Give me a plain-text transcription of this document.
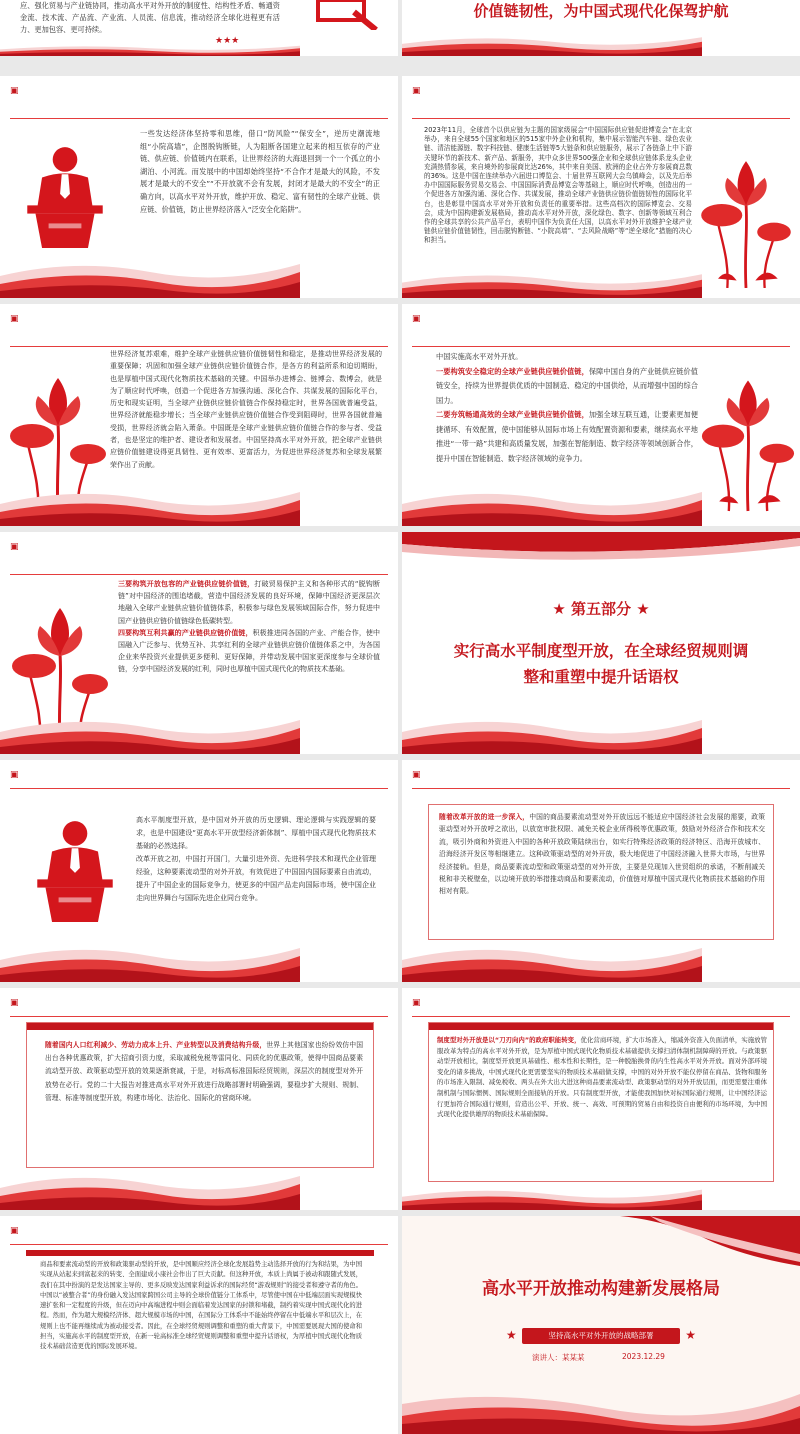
应、强化贸易与产业链协同，推动高水平对外开放的制度性、结构性矛盾、畅通资金流、技术流、产品流、产业流、人员流、信息流，推动经济全球化进程更有活力、更加包容、更可持续。
★★★
价值链韧性，为中国式现代化保驾护航
▣
一些发达经济体坚持零和思维，借口“防风险”“保安全”，逆历史潮流地组“小院高墙”，企图脱钩断链，人为阻断各国建立起来的相互依存的产业链、供应链、价值链内在联系，让世界经济的大海退回到一个一个孤立的小湖泊、小河流。而发展中的中国却始终坚持“不合作才是最大的风险，不发展才是最大的不安全”“不开放就不会有发展，封闭才是最大的不安全”的正确方向，以高水平对外开放，维护开放、稳定、富有韧性的全球产业链、供应链、价值链，防止世界经济落入“泛安全化陷阱”。
▣
2023年11月，全球首个以供应链为主题的国家级展会“中国国际供应链促进博览会”在北京举办，来自全球55个国家和地区的515家中外企业和机构，集中展示智能汽车链、绿色农业链、清洁能源链、数字科技链、健康生活链等5大链条和供应链服务，展示了各链条上中下游关键环节的新技术、新产品、新服务，其中众多世界500强企业和全球供应链体系龙头企业充满热情参展，来自境外的参展商比达26%，其中来自美国、欧洲的企业占外方参展商总数的36%。这是中国在连续举办六届进口博览会、十届世界互联网大会乌镇峰会，以及先后举办中国国际服务贸易交易会、中国国际消费品博览会等基础上，顺应时代呼唤，创造出的一个促进各方加强沟通、深化合作、共谋发展，推动全球产业链供应链价值链韧性的国际化平台，也是彰显中国高水平对外开放和负责任的重要举措。这些高档次的国际博览会、交易会，成为中国构建新发展格局，推动高水平对外开放，深化绿色、数字、创新等领域互利合作的全球共享的公共产品平台，表明中国作为负责任大国，以高水平对外开放维护全球产业链供应链价值链韧性，回击脱钩断链、“小院高墙”、“去风险战略”等“逆全球化”措施的决心和担当。
▣
世界经济复苏艰难，维护全球产业链供应链价值链韧性和稳定，是推动世界经济发展的重要保障；巩固和加强全球产业链供应链价值链合作，是各方的利益所系和迫切期盼，也是厚植中国式现代化物质技术基础的关键。中国举办进博会、链博会、数博会，就是为了顺应时代呼唤，创造一个促进各方加强沟通、深化合作、共谋发展的国际化平台，历史和现实证明，当全球产业链供应链价值链合作保持稳定时，世界各国就普遍受益，世界经济就能稳步增长；当全球产业链供应链价值链合作受到阻碍时，世界各国就普遍受损，世界经济就会陷入萧条。中国既是全球产业链供应链价值链合作的参与者、受益者，也是坚定的维护者、建设者和发展者。中国坚持高水平对外开放，把全球产业链供应链价值链建设得更具韧性、更有效率、更富活力，为促进世界经济复苏和全球发展繁荣作出了贡献。
▣
中国实施高水平对外开放。
一要构筑安全稳定的全球产业链供应链价值链，保障中国自身的产业链供应链价值链安全，持续为世界提供优质的中国制造、稳定的中国供给，从而增强中国的综合国力。
二要夯筑畅通高效的全球产业链供应链价值链，加强全球互联互通，让要素更加便捷循环、有效配置，使中国能够从国际市场上有效配置资源和要素，继续高水平地推进“一带一路”共建和高质量发展，加强在智能制造、数字经济等领域创新合作，提升中国在智能制造、数字经济领域的竞争力。
▣
三要构筑开放包容的产业链供应链价值链，打破贸易保护主义和各种形式的“脱钩断链”对中国经济的围追堵截，营造中国经济发展的良好环境，保障中国经济更深层次地融入全球产业链供应链价值链体系，积极参与绿色发展领域国际合作，努力促进中国产业链供应链价值链绿色低碳转型。
四要构筑互利共赢的产业链供应链价值链，积极推进同各国的产业、产能合作，使中国融入广泛参与、优势互补、共享红利的全球产业链供应链价值链体系之中，为各国企业来华投资兴业提供更多便利、更好保障，并带动发展中国家更深度参与全球价值链，分享中国经济发展的红利，同时也厚植中国式现代化的物质技术基础。
★ 第五部分 ★
实行高水平制度型开放，在全球经贸规则调整和重塑中提升话语权
▣
高水平制度型开放，是中国对外开放的历史逻辑、理论逻辑与实践逻辑的要求，也是中国建设“更高水平开放型经济新体制”、厚植中国式现代化物质技术基础的必然选择。
改革开放之初，中国打开国门，大量引进外资、先进科学技术和现代企业管理经验，这种要素流动型的对外开放，有效促进了中国国内国际要素自由流动，提升了中国企业的国际竞争力，使更多的中国产品走向国际市场，使中国企业走向世界舞台与国际先进企业同台竞争。
▣
随着改革开放的进一步深入，中国的商品要素流动型对外开放远远不能适应中国经济社会发展的需要，政策驱动型对外开放呼之欲出，以放宽审批权限、减免关税企业所得税等优惠政策，鼓励对外经济合作和技术交流，吸引外商和外资进入中国的各种开放政策陆续出台，如实行特殊经济政策的经济特区、沿海开放城市、沿海经济开发区等相继建立。这种政策驱动型的对外开放，极大地促进了中国经济融入世界大市场，与世界经济接轨。但是，商品要素流动型和政策驱动型的对外开放，主要是兑现加入世贸组织的承诺，不断削减关税和非关税壁垒，以边境开放的举措推动商品和要素流动，价值链对厚植中国式现代化物质技术基础的作用相对有限。
▣
随着国内人口红利减少、劳动力成本上升、产业转型以及消费结构升级，世界上其他国家也纷纷效仿中国出台各种优惠政策，扩大招商引资力度，采取减税免税等雷同化、同质化的优惠政策，使得中国商品要素流动型开放、政策驱动型开放的效果逐渐衰减，于是，对标高标准国际经贸规则，深层次的制度型对外开放势在必行。党的二十大报告对推进高水平对外开放进行战略部署时明确强调，要稳步扩大规则、规制、管理、标准等制度型开放，构建市场化、法治化、国际化的营商环境。
▣
制度型对外开放是以“刀刃向内”的政府职能转变，优化营商环境，扩大市场准入，缩减外资准入负面清单，实施放管服改革为特点的高水平对外开放，是为厚植中国式现代化物质技术基础提供支撑扫清体制机制障碍的开放。与政策驱动型开放相比，制度型开放更具基础性、根本性和长期性，是一种脱胎换骨的内生性高水平对外开放。面对外部环境变化的诸多挑战，中国式现代化更需要坚实的物质技术基础做支撑，中国的对外开放不能仅停留在商品、货物和服务的市场准入限制、减免税收、两头在外大出大进这种商品要素流动型、政策驱动型的对外开放层面，而更需要注重体制机制与国际惯例、国际规则全面接轨的开放。只有制度型开放，才能使我国加快对标国际通行规则，让中国经济运行更加符合国际通行规则，营造出公平、开放、统一、高效、可预期的贸易自由和投资自由便利的市场环境，为中国式现代化提供雄厚的物质技术基础保障。
▣
商品和要素流动型的开放和政策驱动型的开放，是中国顺应经济全球化发展趋势主动选择开放的行为和结果，为中国实现从站起来到富起来的转变、全面建成小康社会作出了巨大贡献。但这种开放，本质上尚属于被动和跟随式发展，我们在其中扮演的是发达国家主导的、更多反映发达国家利益诉求的国际经贸“游戏规则”的接受者和遵守者的角色。中国以“被整合者”的身份融入发达国家跨国公司主导的全球价值链分工体系中，尽管使中国在中低端层面实现规模快速扩张和一定程度的升级，但在迈向中高端进程中则会面临着发达国家的封锁和堵截，制约着实现中国式现代化的进程。然而，作为超大规模经济体、超大规模市场的中国，在国际分工体系中不能始终停留在中低端水平和层次上，在规则上也不能再继续成为被动接受者。因此，在全球经贸规则调整和重塑的重大背景下，中国需要展现大国的使命和担当，实施高水平的制度型开放，在新一轮高标准全球经贸规则调整和重塑中提升话语权，为厚植中国式现代化物质技术基础营造更优的国际发展环境。
高水平开放推动构建新发展格局
★	★
坚持高水平对外开放的战略部署
演讲人：某某某	2023.12.29
